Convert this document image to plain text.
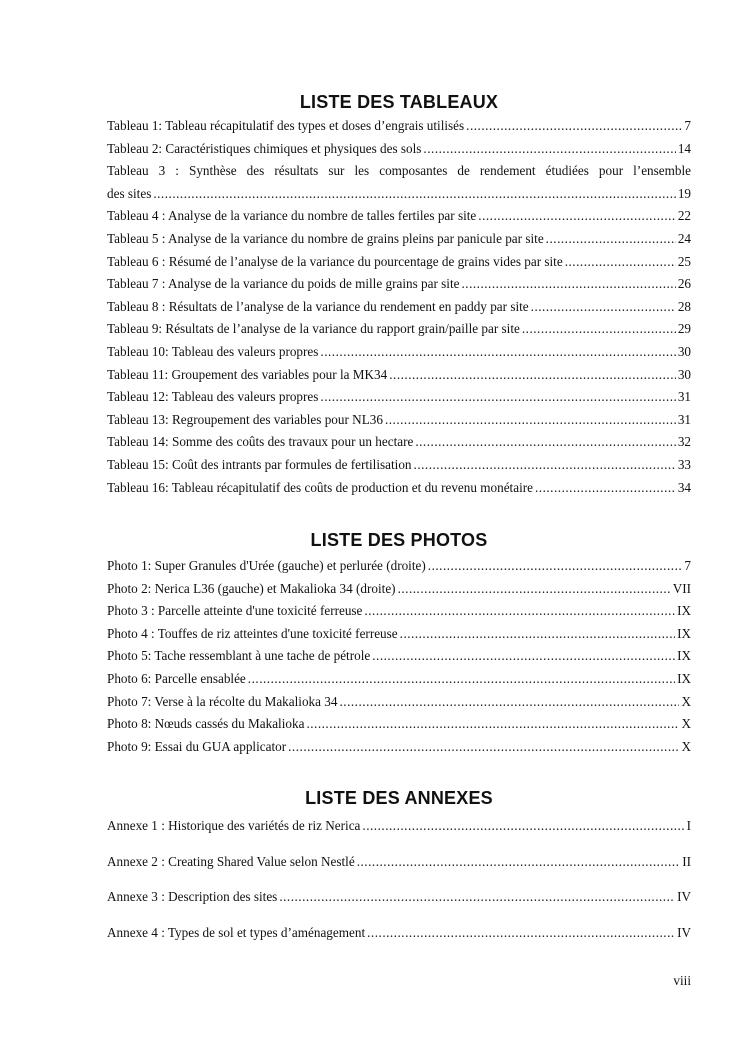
LISTE DES TABLEAUX
Tableau 1: Tableau récapitulatif des types et doses d’engrais utilisés .....	7
Tableau 2: Caractéristiques chimiques et physiques des sols .....	14
Tableau 3 : Synthèse des résultats sur les composantes de rendement étudiées pour l’ensemble
des sites .....	19
Tableau 4 : Analyse de la variance du nombre de talles fertiles par site .....	22
Tableau 5 : Analyse de la variance du nombre de grains pleins par panicule par site .....	24
Tableau 6 : Résumé de l’analyse de la variance du pourcentage de grains vides par site .....	25
Tableau 7 : Analyse de la variance du poids de mille grains par site .....	26
Tableau 8 : Résultats de l’analyse de la variance du rendement en paddy par site .....	28
Tableau 9: Résultats de l’analyse de la variance du rapport grain/paille par site .....	29
Tableau 10: Tableau des valeurs propres .....	30
Tableau 11: Groupement des variables pour la MK34 .....	30
Tableau 12: Tableau des valeurs propres .....	31
Tableau 13: Regroupement des variables pour NL36 .....	31
Tableau 14: Somme des coûts des travaux pour un hectare .....	32
Tableau 15: Coût des intrants par formules de fertilisation .....	33
Tableau 16: Tableau récapitulatif des coûts de production et du revenu monétaire .....	34
LISTE DES PHOTOS
Photo 1: Super Granules d'Urée (gauche) et perlurée (droite) .....	7
Photo 2: Nerica L36 (gauche) et Makalioka 34 (droite) .....	VII
Photo 3 : Parcelle atteinte d'une toxicité ferreuse .....	IX
Photo 4 : Touffes de riz atteintes d'une toxicité ferreuse .....	IX
Photo 5: Tache ressemblant à une tache de pétrole .....	IX
Photo 6: Parcelle ensablée .....	IX
Photo 7: Verse à la récolte du Makalioka 34 .....	X
Photo 8: Nœuds cassés du Makalioka .....	X
Photo 9: Essai du GUA applicator .....	X
LISTE DES ANNEXES
Annexe 1 : Historique des variétés de riz Nerica .....	I
Annexe 2 : Creating Shared Value selon Nestlé .....	II
Annexe 3 : Description des sites .....	IV
Annexe 4 : Types de sol et types d’aménagement .....	IV
viii
